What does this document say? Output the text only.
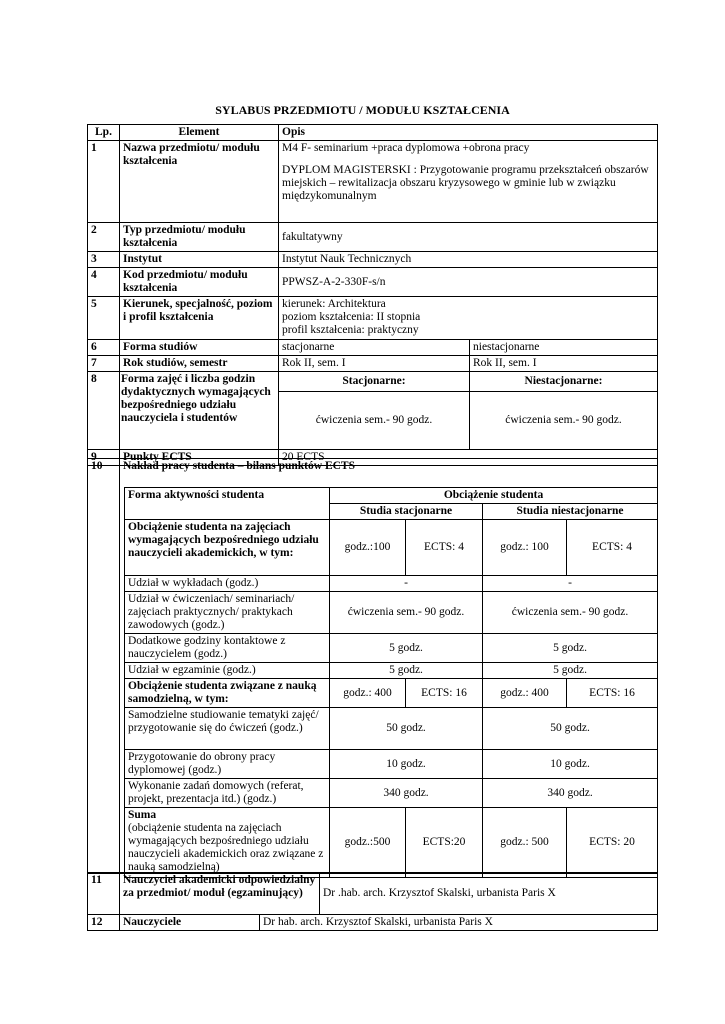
SYLABUS PRZEDMIOTU / MODUŁU KSZTAŁCENIA
Lp.	Element	Opis	
1	Nazwa przedmiotu/ modułu kształcenia	M4 F- seminarium +praca dyplomowa +obrona pracy

DYPLOM MAGISTERSKI : Przygotowanie programu przekształceń obszarów miejskich – rewitalizacja obszaru kryzysowego w gminie lub w związku międzykomunalnym	

2	Typ przedmiotu/ modułu kształcenia	fakultatywny	
3	Instytut	Instytut Nauk Technicznych	
4	Kod przedmiotu/ modułu kształcenia	PPWSZ-A-2-330F-s/n	
5	Kierunek, specjalność, poziom i profil kształcenia	kierunek: Architektura

poziom kształcenia: II stopnia

profil kształcenia: praktyczny	

6	Forma studiów	stacjonarne	niestacjonarne
7	Rok studiów, semestr	Rok II, sem. I	Rok II, sem. I
8	Forma zajęć i liczba godzin dydaktycznych wymagających bezpośredniego udziału nauczyciela i studentów	Stacjonarne:	Niestacjonarne:
		ćwiczenia sem.- 90 godz.	ćwiczenia sem.- 90 godz.
9	Punkty ECTS	20 ECTS	
10	Nakład pracy studenta – bilans punktów ECTS
Forma aktywności studenta	Obciążenie studenta			
	Studia stacjonarne		Studia niestacjonarne	
Obciążenie studenta na zajęciach wymagających bezpośredniego udziału nauczycieli akademickich, w tym:	godz.:100	ECTS: 4	godz.: 100	ECTS: 4
Udział w wykładach (godz.)	-		-	
Udział w ćwiczeniach/ seminariach/ zajęciach praktycznych/ praktykach zawodowych (godz.)	ćwiczenia sem.- 90 godz.		ćwiczenia sem.- 90 godz.	
Dodatkowe godziny kontaktowe z nauczycielem (godz.)	5 godz.		5 godz.	
Udział w egzaminie (godz.)	5 godz.		5 godz.	
Obciążenie studenta związane z nauką samodzielną, w tym:	godz.: 400	ECTS: 16	godz.: 400	ECTS: 16
Samodzielne studiowanie tematyki zajęć/ przygotowanie się do ćwiczeń (godz.)	50 godz.		50 godz.	
Przygotowanie do obrony pracy dyplomowej (godz.)	10 godz.		10 godz.	
Wykonanie zadań domowych (referat, projekt, prezentacja itd.) (godz.)	340 godz.		340 godz.	

Suma

(obciążenie studenta na zajęciach wymagających bezpośredniego udziału nauczycieli akademickich oraz związane z nauką samodzielną)	godz.:500	ECTS:20	godz.: 500	ECTS: 20
11	Nauczyciel akademicki odpowiedzialny za przedmiot/ moduł (egzaminujący)	Dr .hab. arch. Krzysztof Skalski, urbanista Paris X
12	Nauczyciele	Dr hab. arch. Krzysztof Skalski, urbanista Paris X
